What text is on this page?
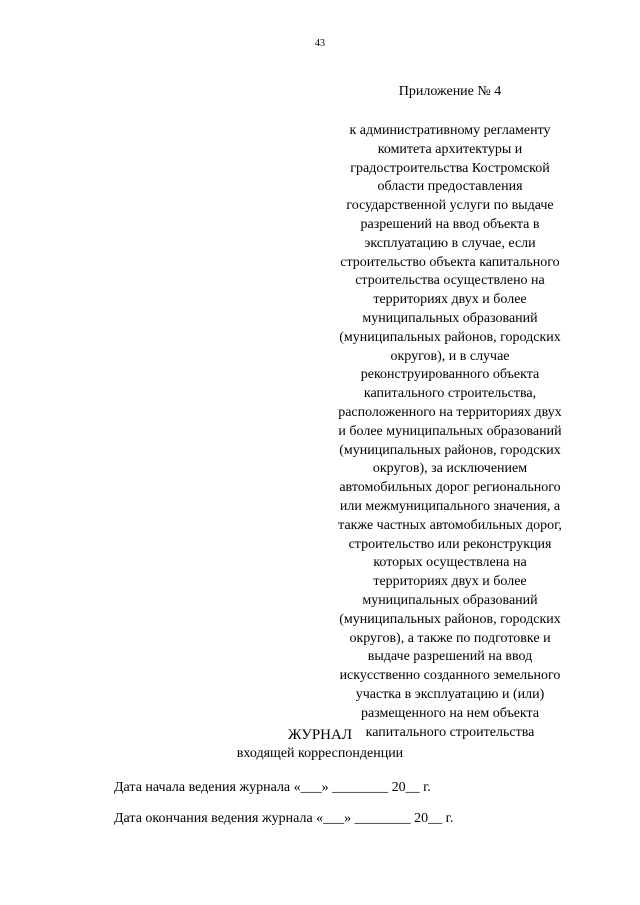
43
Приложение № 4
к административному регламенту
комитета архитектуры и
градостроительства Костромской
области предоставления
государственной услуги по выдаче
разрешений на ввод объекта в
эксплуатацию в случае, если
строительство объекта капитального
строительства осуществлено на
территориях двух и более
муниципальных образований
(муниципальных районов, городских
округов), и в случае
реконструированного объекта
капитального строительства,
расположенного на территориях двух
и более муниципальных образований
(муниципальных районов, городских
округов), за исключением
автомобильных дорог регионального
или межмуниципального значения, а
также частных автомобильных дорог,
строительство или реконструкция
которых осуществлена на
территориях двух и более
муниципальных образований
(муниципальных районов, городских
округов), а также по подготовке и
выдаче разрешений на ввод
искусственно созданного земельного
участка в эксплуатацию и (или)
размещенного на нем объекта
капитального строительства
ЖУРНАЛ
входящей корреспонденции
Дата начала ведения журнала «___» ________ 20__ г.
Дата окончания ведения журнала «___» ________ 20__ г.
